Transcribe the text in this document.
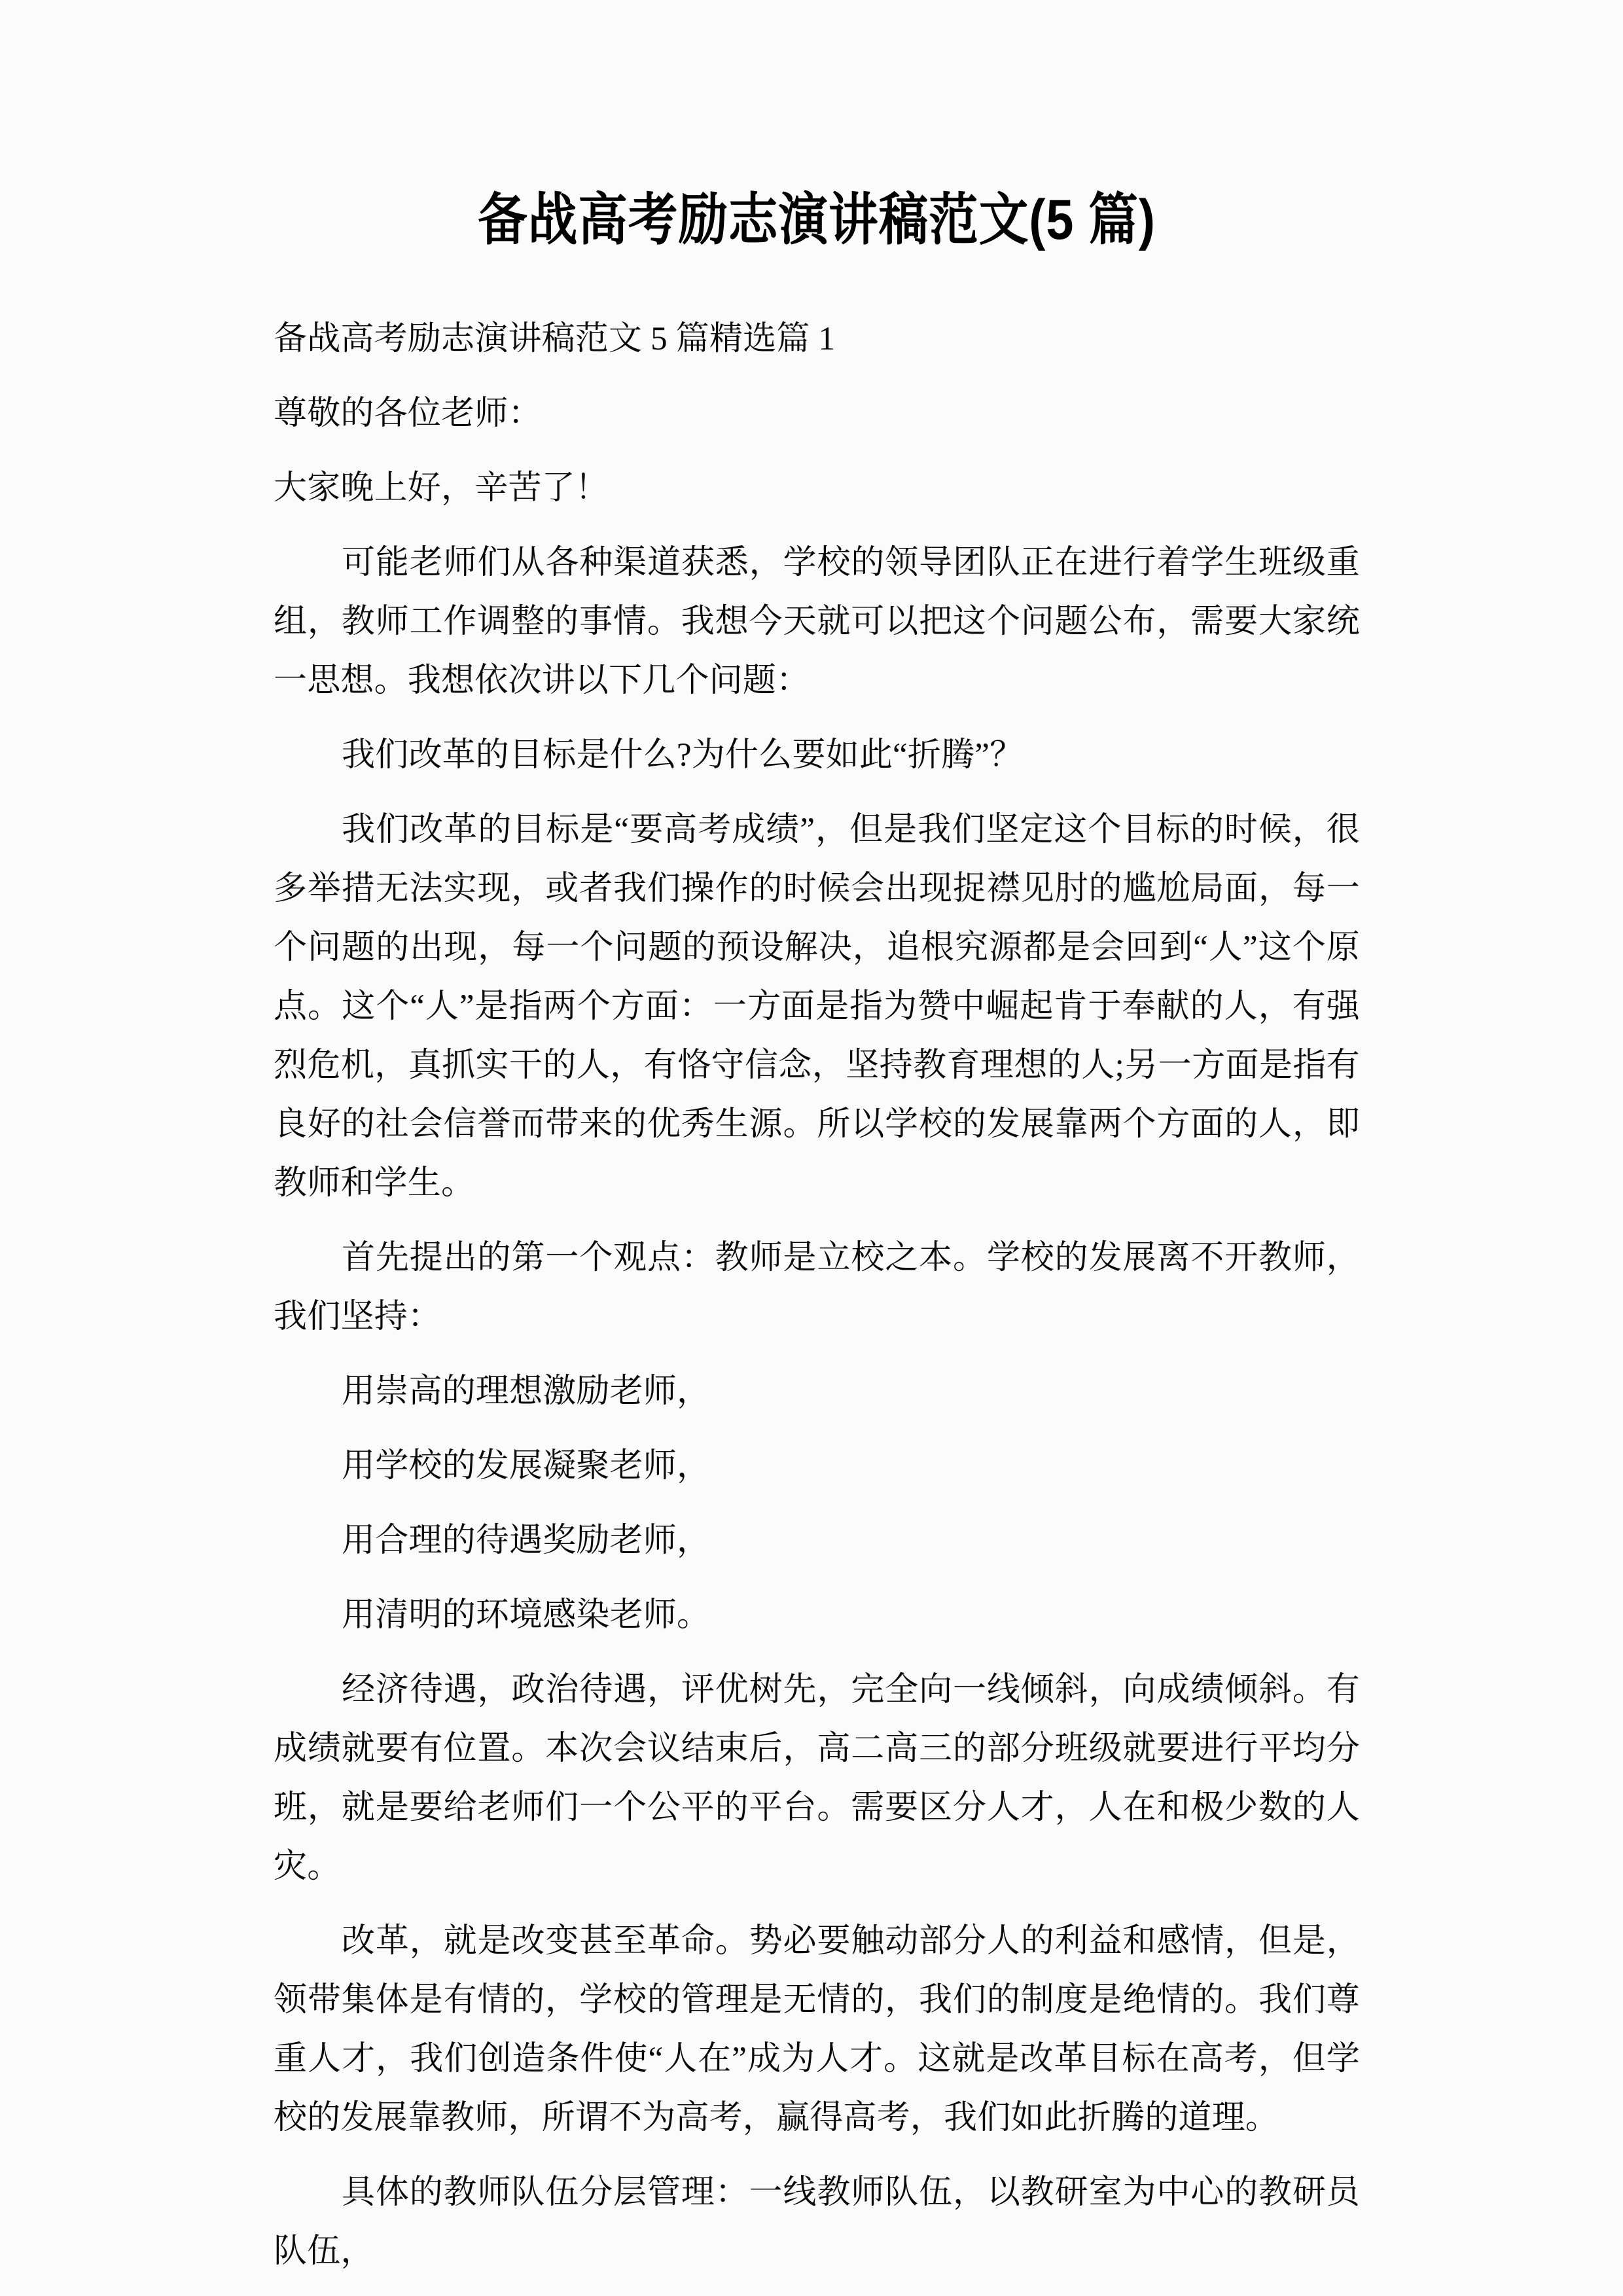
备战高考励志演讲稿范文(5 篇)

备战高考励志演讲稿范文 5 篇精选篇 1

尊敬的各位老师：

大家晚上好，辛苦了！

可能老师们从各种渠道获悉，学校的领导团队正在进行着学生班级重组，教师工作调整的事情。我想今天就可以把这个问题公布，需要大家统一思想。我想依次讲以下几个问题：

我们改革的目标是什么?为什么要如此“折腾”？

我们改革的目标是“要高考成绩”，但是我们坚定这个目标的时候，很多举措无法实现，或者我们操作的时候会出现捉襟见肘的尴尬局面，每一个问题的出现，每一个问题的预设解决，追根究源都是会回到“人”这个原点。这个“人”是指两个方面：一方面是指为赞中崛起肯于奉献的人，有强烈危机，真抓实干的人，有恪守信念，坚持教育理想的人;另一方面是指有良好的社会信誉而带来的优秀生源。所以学校的发展靠两个方面的人，即教师和学生。

首先提出的第一个观点：教师是立校之本。学校的发展离不开教师，我们坚持：

用崇高的理想激励老师，

用学校的发展凝聚老师，

用合理的待遇奖励老师，

用清明的环境感染老师。

经济待遇，政治待遇，评优树先，完全向一线倾斜，向成绩倾斜。有成绩就要有位置。本次会议结束后，高二高三的部分班级就要进行平均分班，就是要给老师们一个公平的平台。需要区分人才，人在和极少数的人灾。

改革，就是改变甚至革命。势必要触动部分人的利益和感情，但是，领带集体是有情的，学校的管理是无情的，我们的制度是绝情的。我们尊重人才，我们创造条件使“人在”成为人才。这就是改革目标在高考，但学校的发展靠教师，所谓不为高考，赢得高考，我们如此折腾的道理。

具体的教师队伍分层管理：一线教师队伍，以教研室为中心的教研员队伍，
